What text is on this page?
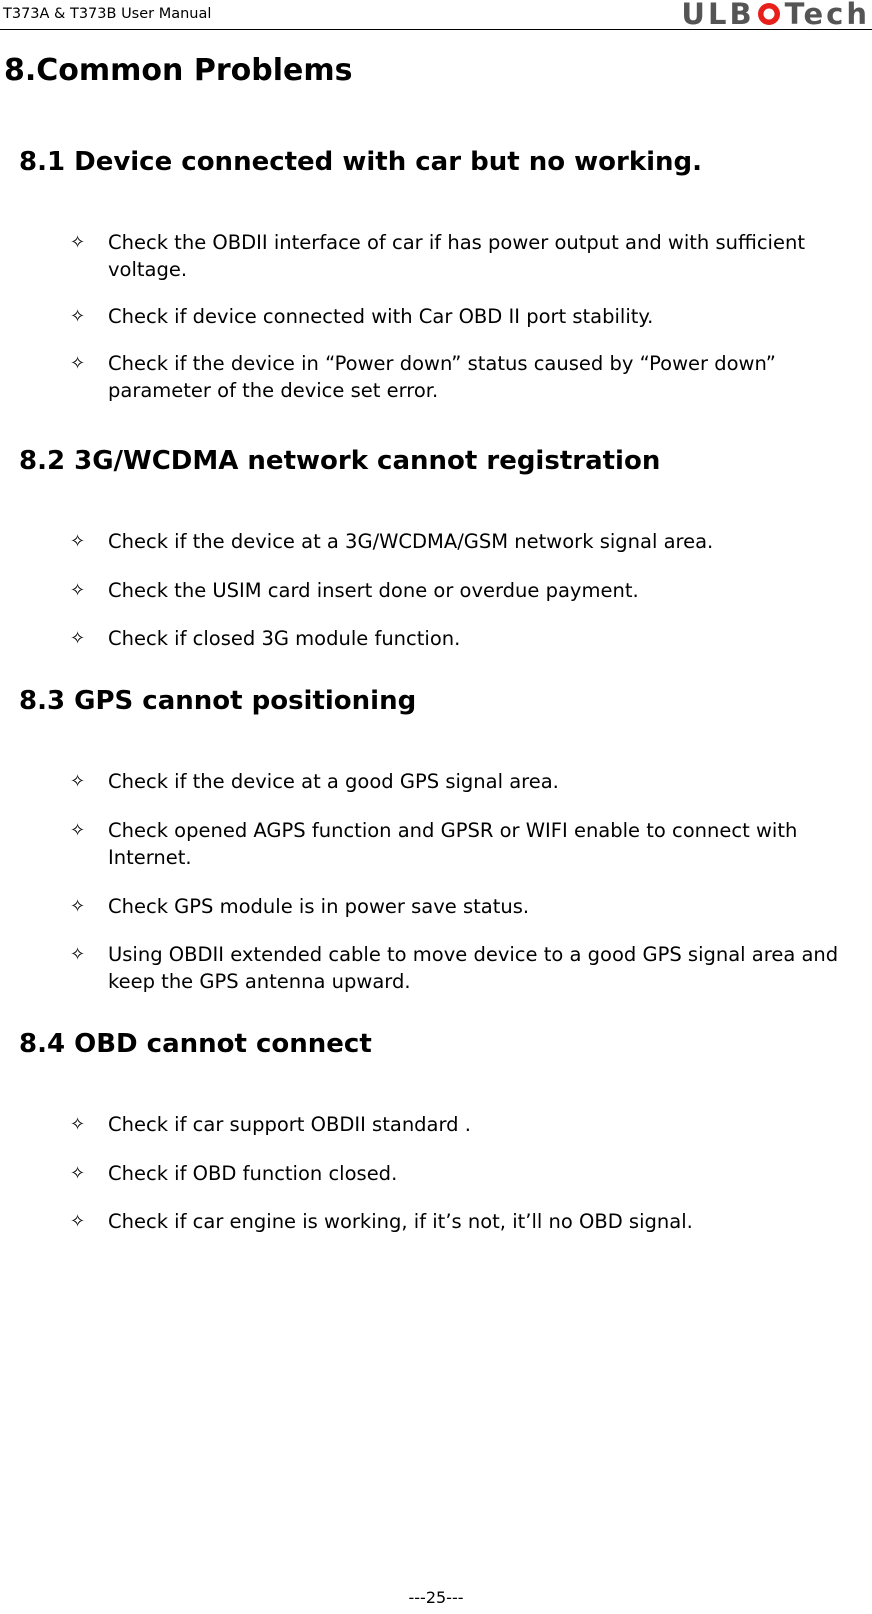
T373A & T373B User Manual	ULB Tech
8.Common Problems
8.1 Device connected with car but no working.
✧	Check the OBDII interface of car if has power output and with sufficient voltage.
✧	Check if device connected with Car OBD II port stability.
✧	Check if the device in “Power down” status caused by “Power down” parameter of the device set error.
8.2 3G/WCDMA network cannot registration
✧	Check if the device at a 3G/WCDMA/GSM network signal area.
✧	Check the USIM card insert done or overdue payment.
✧	Check if closed 3G module function.
8.3 GPS cannot positioning
✧	Check if the device at a good GPS signal area.
✧	Check opened AGPS function and GPSR or WIFI enable to connect with Internet.
✧	Check GPS module is in power save status.
✧	Using OBDII extended cable to move device to a good GPS signal area and keep the GPS antenna upward.
8.4 OBD cannot connect
✧	Check if car support OBDII standard .
✧	Check if OBD function closed.
✧	Check if car engine is working, if it’s not, it’ll no OBD signal.
---25---
